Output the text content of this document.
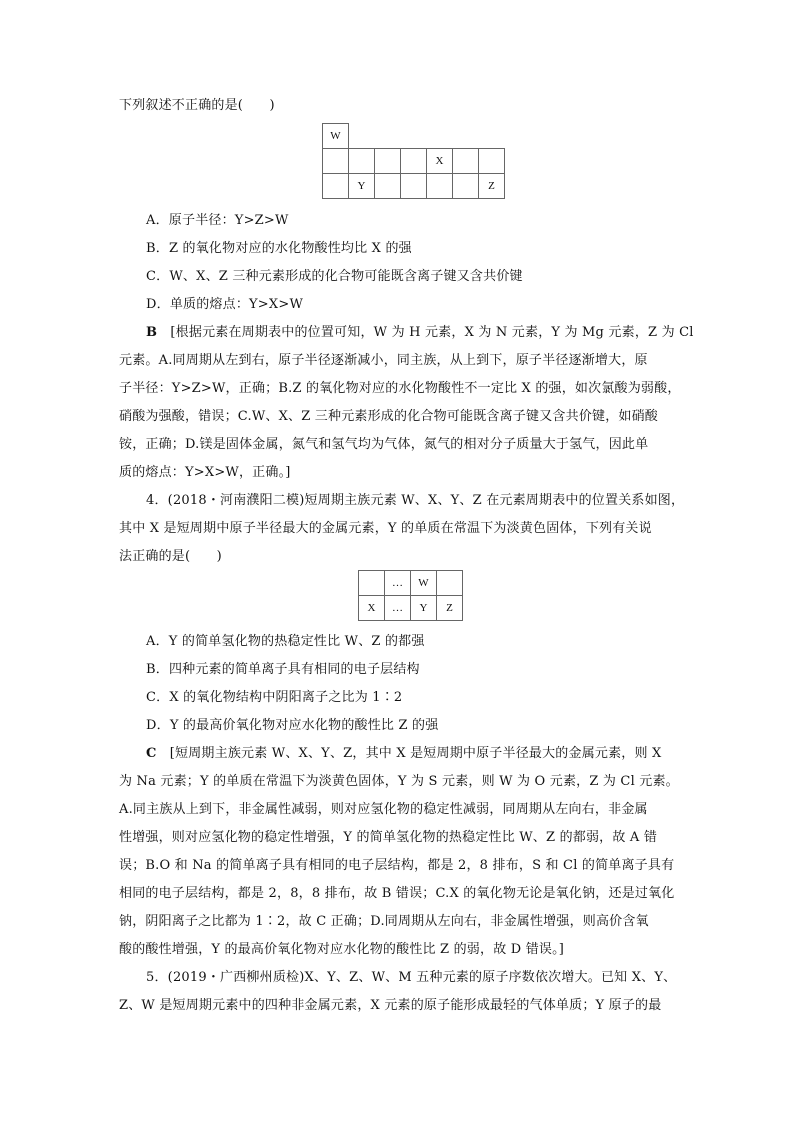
下列叙述不正确的是(　　)
W						
				X		
	Y					Z
A．原子半径：Y>Z>W
B．Z 的氧化物对应的水化物酸性均比 X 的强
C．W、X、Z 三种元素形成的化合物可能既含离子键又含共价键
D．单质的熔点：Y>X>W
B　 [根据元素在周期表中的位置可知，W 为 H 元素，X 为 N 元素，Y 为 Mg 元素，Z 为 Cl
元素。A.同周期从左到右，原子半径逐渐减小，同主族，从上到下，原子半径逐渐增大，原
子半径：Y>Z>W，正确；B.Z 的氧化物对应的水化物酸性不一定比 X 的强，如次氯酸为弱酸，
硝酸为强酸，错误；C.W、X、Z 三种元素形成的化合物可能既含离子键又含共价键，如硝酸
铵，正确；D.镁是固体金属，氮气和氢气均为气体，氮气的相对分子质量大于氢气，因此单
质的熔点：Y>X>W，正确。]
4．(2018・河南濮阳二模)短周期主族元素 W、X、Y、Z 在元素周期表中的位置关系如图，
其中 X 是短周期中原子半径最大的金属元素，Y 的单质在常温下为淡黄色固体，下列有关说
法正确的是(　　)
	…	W	
X	…	Y	Z
A．Y 的简单氢化物的热稳定性比 W、Z 的都强
B．四种元素的简单离子具有相同的电子层结构
C．X 的氧化物结构中阴阳离子之比为 1∶2
D．Y 的最高价氧化物对应水化物的酸性比 Z 的强
C　 [短周期主族元素 W、X、Y、Z，其中 X 是短周期中原子半径最大的金属元素，则 X
为 Na 元素；Y 的单质在常温下为淡黄色固体，Y 为 S 元素，则 W 为 O 元素，Z 为 Cl 元素。
A.同主族从上到下，非金属性减弱，则对应氢化物的稳定性减弱，同周期从左向右，非金属
性增强，则对应氢化物的稳定性增强，Y 的简单氢化物的热稳定性比 W、Z 的都弱，故 A 错
误；B.O 和 Na 的简单离子具有相同的电子层结构，都是 2，8 排布，S 和 Cl 的简单离子具有
相同的电子层结构，都是 2，8，8 排布，故 B 错误；C.X 的氧化物无论是氧化钠，还是过氧化
钠，阴阳离子之比都为 1∶2，故 C 正确；D.同周期从左向右，非金属性增强，则高价含氧
酸的酸性增强，Y 的最高价氧化物对应水化物的酸性比 Z 的弱，故 D 错误。]
5．(2019・广西柳州质检)X、Y、Z、W、M 五种元素的原子序数依次增大。已知 X、Y、
Z、W 是短周期元素中的四种非金属元素，X 元素的原子能形成最轻的气体单质；Y 原子的最
